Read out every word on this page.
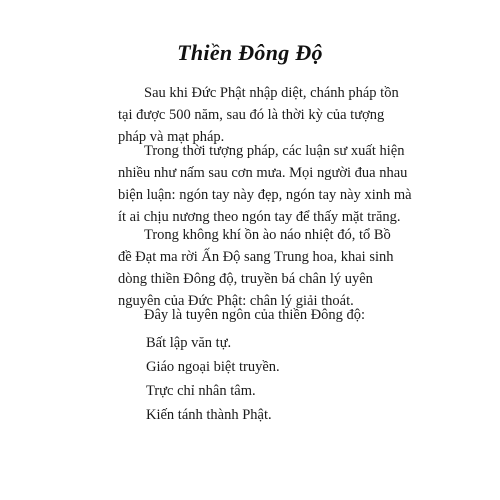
Thiền Đông Độ
Sau khi Đức Phật nhập diệt, chánh pháp tồn
tại được 500 năm, sau đó là thời kỳ của tượng
pháp và mạt pháp.
Trong thời tượng pháp, các luận sư xuất hiện
nhiều như nấm sau cơn mưa. Mọi người đua nhau
biện luận: ngón tay này đẹp, ngón tay này xinh mà
ít ai chịu nương theo ngón tay để thấy mặt trăng.
Trong không khí ồn ào náo nhiệt đó, tổ Bồ
đề Đạt ma rời Ấn Độ sang Trung hoa, khai sinh
dòng thiền Đông độ, truyền bá chân lý uyên
nguyên của Đức Phật: chân lý giải thoát.
Đây là tuyên ngôn của thiền Đông độ:
Bất lập văn tự.
Giáo ngoại biệt truyền.
Trực chỉ nhân tâm.
Kiến tánh thành Phật.
